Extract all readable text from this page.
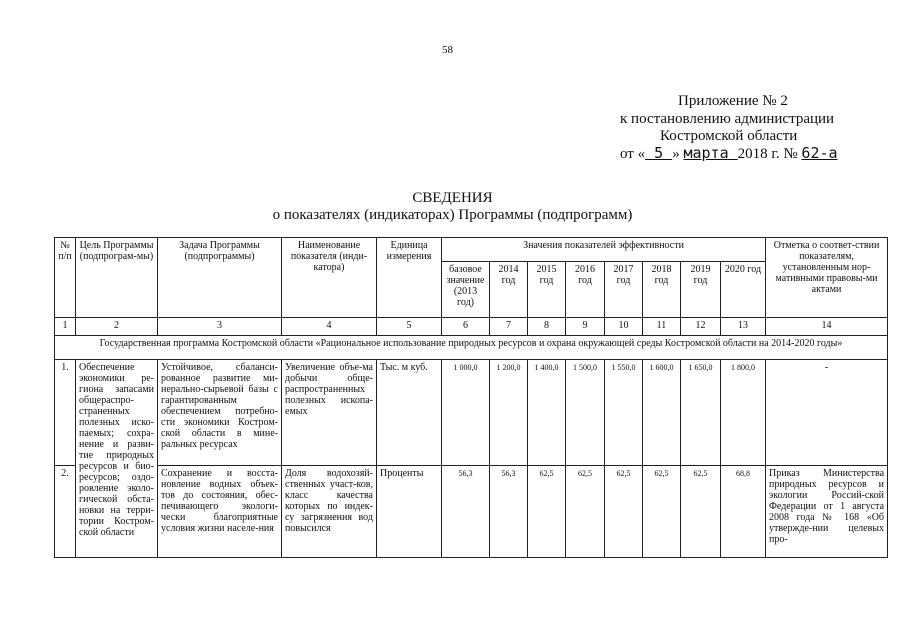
58
Приложение № 2
к постановлению администрации
Костромской области
от « 5 » марта 2018 г. № 62-а
СВЕДЕНИЯ
о показателях (индикаторах) Программы (подпрограмм)
№ п/п	Цель Программы (подпрограм-мы)	Задача Программы (подпрограммы)	Наименование показателя (инди-катора)	Единица измерения	Значения показателей эффективности								Отметка о соответ-ствии показателям, установленным нор-мативными правовы-ми актами
					базовое значение (2013 год)	2014 год	2015 год	2016 год	2017 год	2018 год	2019 год	2020 год	
1	2	3	4	5	6	7	8	9	10	11	12	13	14
Государственная программа Костромской области «Рациональное использование природных ресурсов и охрана окружающей среды Костромской области на 2014-2020 годы»													
1.	Обеспечение экономики ре-гиона запасами общераспро-страненных полезных иско-паемых; сохра-нение и разви-тие природных ресурсов и био-ресурсов; оздо-ровление эколо-гической обста-новки на терри-тории Костром-ской области	Устойчивое, сбаланси-рованное развитие ми-нерально-сырьевой базы с гарантированным обеспечением потребно-сти экономики Костром-ской области в мине-ральных ресурсах	Увеличение объе-ма добычи обще-распространенных полезных ископа-емых	Тыс. м куб.	1 000,0	1 200,0	1 400,0	1 500,0	1 550,0	1 600,0	1 650,0	1 800,0	-
2.		Сохранение и восста-новление водных объек-тов до состояния, обес-печивающего экологи-чески благоприятные условия жизни населе-ния	Доля водохозяй-ственных участ-ков, класс качества которых по индек-су загрязнения вод повысился	Проценты	56,3	56,3	62,5	62,5	62,5	62,5	62,5	68,8	Приказ Министерства природных ресурсов и экологии Россий-ской Федерации от 1 августа 2008 года № 168 «Об утвержде-нии целевых про-
